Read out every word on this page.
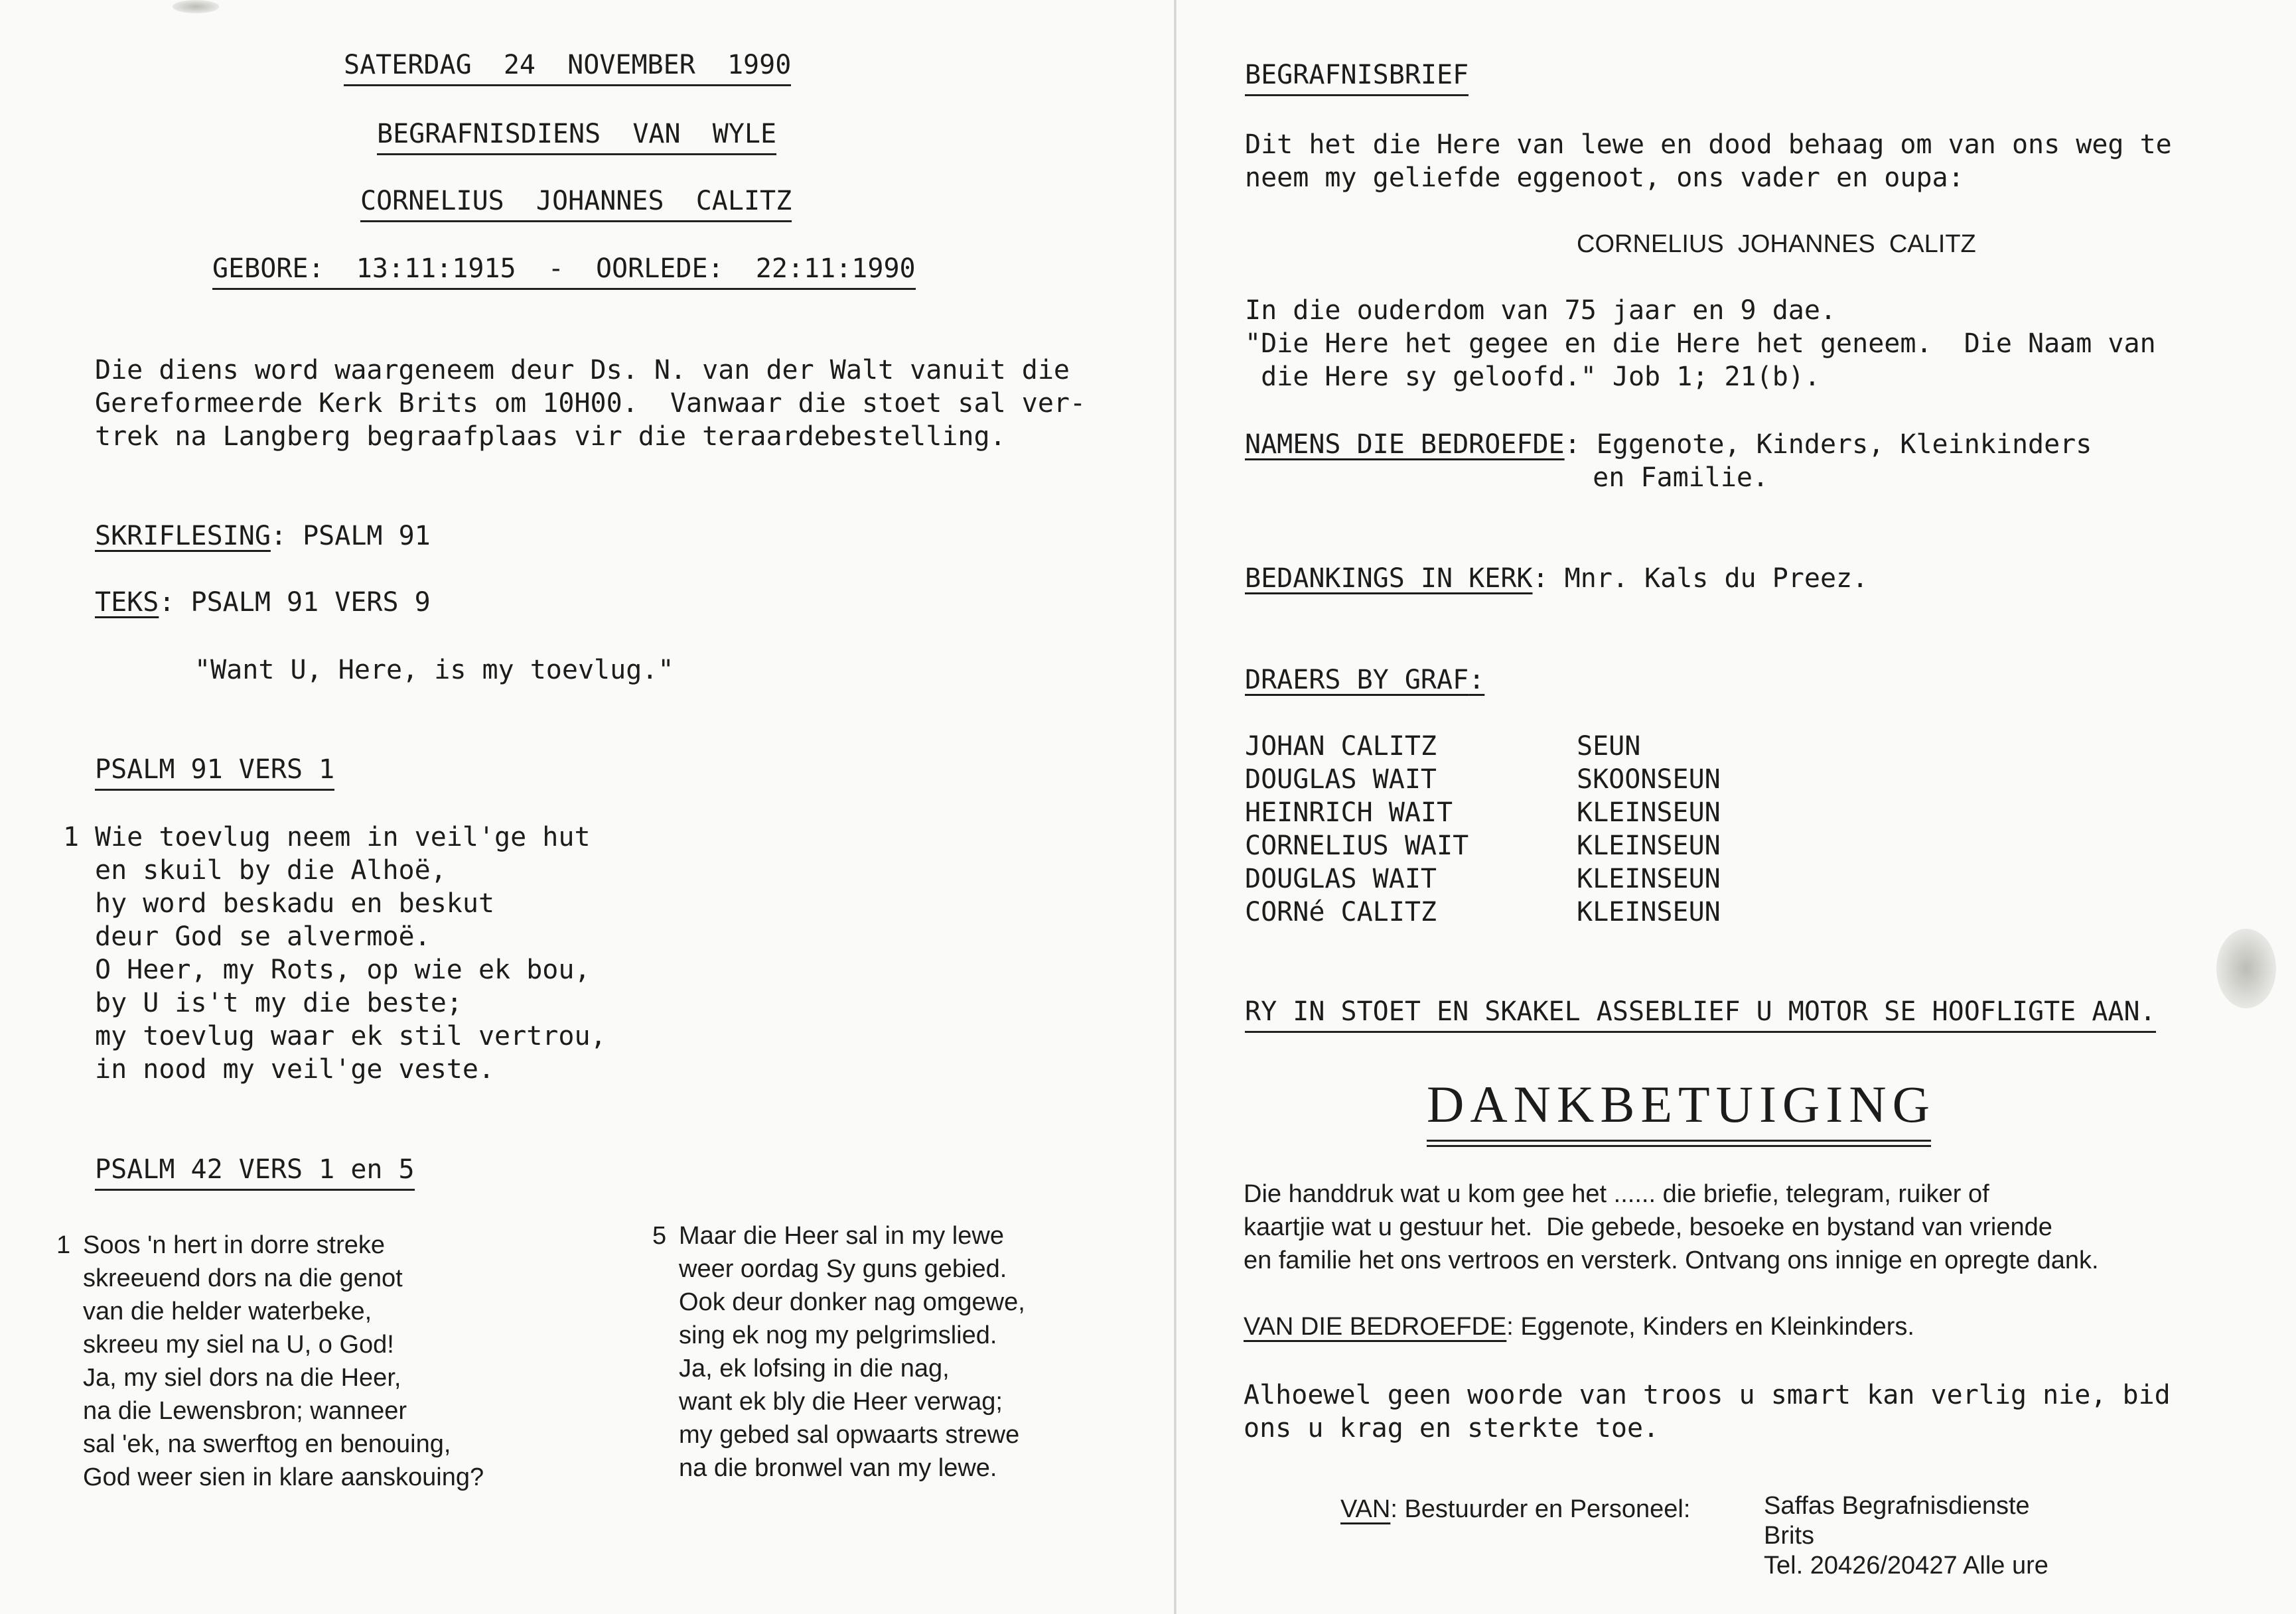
SATERDAG  24  NOVEMBER  1990
BEGRAFNISDIENS  VAN  WYLE
CORNELIUS  JOHANNES  CALITZ
GEBORE:  13:11:1915  -  OORLEDE:  22:11:1990
Die diens word waargeneem deur Ds. N. van der Walt vanuit die
Gereformeerde Kerk Brits om 10H00.  Vanwaar die stoet sal ver-
trek na Langberg begraafplaas vir die teraardebestelling.
SKRIFLESING: PSALM 91
TEKS: PSALM 91 VERS 9
"Want U, Here, is my toevlug."
PSALM 91 VERS 1
1 Wie toevlug neem in veil'ge hut
en skuil by die Alhoë,
hy word beskadu en beskut
deur God se alvermoë.
O Heer, my Rots, op wie ek bou,
by U is't my die beste;
my toevlug waar ek stil vertrou,
in nood my veil'ge veste.
PSALM 42 VERS 1 en 5
1 Soos 'n hert in dorre streke
skreeuend dors na die genot
van die helder waterbeke,
skreeu my siel na U, o God!
Ja, my siel dors na die Heer,
na die Lewensbron; wanneer
sal 'ek, na swerftog en benouing,
God weer sien in klare aanskouing?
5 Maar die Heer sal in my lewe
weer oordag Sy guns gebied.
Ook deur donker nag omgewe,
sing ek nog my pelgrimslied.
Ja, ek lofsing in die nag,
want ek bly die Heer verwag;
my gebed sal opwaarts strewe
na die bronwel van my lewe.
BEGRAFNISBRIEF
Dit het die Here van lewe en dood behaag om van ons weg te
neem my geliefde eggenoot, ons vader en oupa:
CORNELIUS  JOHANNES  CALITZ
In die ouderdom van 75 jaar en 9 dae.
"Die Here het gegee en die Here het geneem.  Die Naam van
die Here sy geloofd." Job 1; 21(b).
NAMENS DIE BEDROEFDE: Eggenote, Kinders, Kleinkinders
en Familie.
BEDANKINGS IN KERK: Mnr. Kals du Preez.
DRAERS BY GRAF:
JOHAN CALITZ	SEUN
DOUGLAS WAIT	SKOONSEUN
HEINRICH WAIT	KLEINSEUN
CORNELIUS WAIT	KLEINSEUN
DOUGLAS WAIT	KLEINSEUN
CORNé CALITZ	KLEINSEUN
RY IN STOET EN SKAKEL ASSEBLIEF U MOTOR SE HOOFLIGTE AAN.
DANKBETUIGING
Die handdruk wat u kom gee het ...... die briefie, telegram, ruiker of
kaartjie wat u gestuur het.  Die gebede, besoeke en bystand van vriende
en familie het ons vertroos en versterk. Ontvang ons innige en opregte dank.
VAN DIE BEDROEFDE: Eggenote, Kinders en Kleinkinders.
Alhoewel geen woorde van troos u smart kan verlig nie, bid
ons u krag en sterkte toe.
VAN: Bestuurder en Personeel:	Saffas Begrafnisdienste
Brits
Tel. 20426/20427 Alle ure
